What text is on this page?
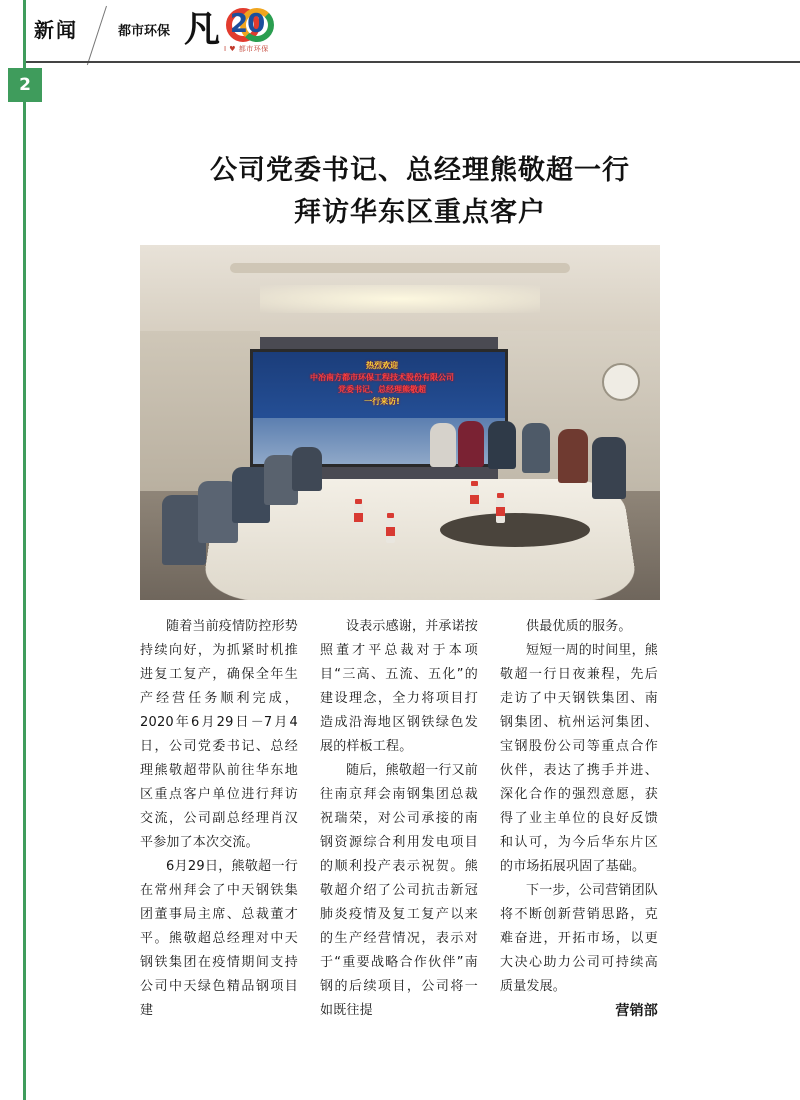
新闻	都市环保 凡 20
I ♥ 都市环保
2
公司党委书记、总经理熊敬超一行
拜访华东区重点客户
热烈欢迎
中冶南方都市环保工程技术股份有限公司
党委书记、总经理熊敬超
一行来访!

随着当前疫情防控形势持续向好，为抓紧时机推进复工复产，确保全年生产经营任务顺利完成，2020年6月29日－7月4日，公司党委书记、总经理熊敬超带队前往华东地区重点客户单位进行拜访交流，公司副总经理肖汉平参加了本次交流。

6月29日，熊敬超一行在常州拜会了中天钢铁集团董事局主席、总裁董才平。熊敬超总经理对中天钢铁集团在疫情期间支持公司中天绿色精品钢项目建

设表示感谢，并承诺按照董才平总裁对于本项目“三高、五流、五化”的建设理念，全力将项目打造成沿海地区钢铁绿色发展的样板工程。

随后，熊敬超一行又前往南京拜会南钢集团总裁祝瑞荣，对公司承接的南钢资源综合利用发电项目的顺利投产表示祝贺。熊敬超介绍了公司抗击新冠肺炎疫情及复工复产以来的生产经营情况，表示对于“重要战略合作伙伴”南钢的后续项目，公司将一如既往提

供最优质的服务。

短短一周的时间里，熊敬超一行日夜兼程，先后走访了中天钢铁集团、南钢集团、杭州运河集团、宝钢股份公司等重点合作伙伴，表达了携手并进、深化合作的强烈意愿，获得了业主单位的良好反馈和认可，为今后华东片区的市场拓展巩固了基础。

下一步，公司营销团队将不断创新营销思路，克难奋进，开拓市场，以更大决心助力公司可持续高质量发展。

营销部
